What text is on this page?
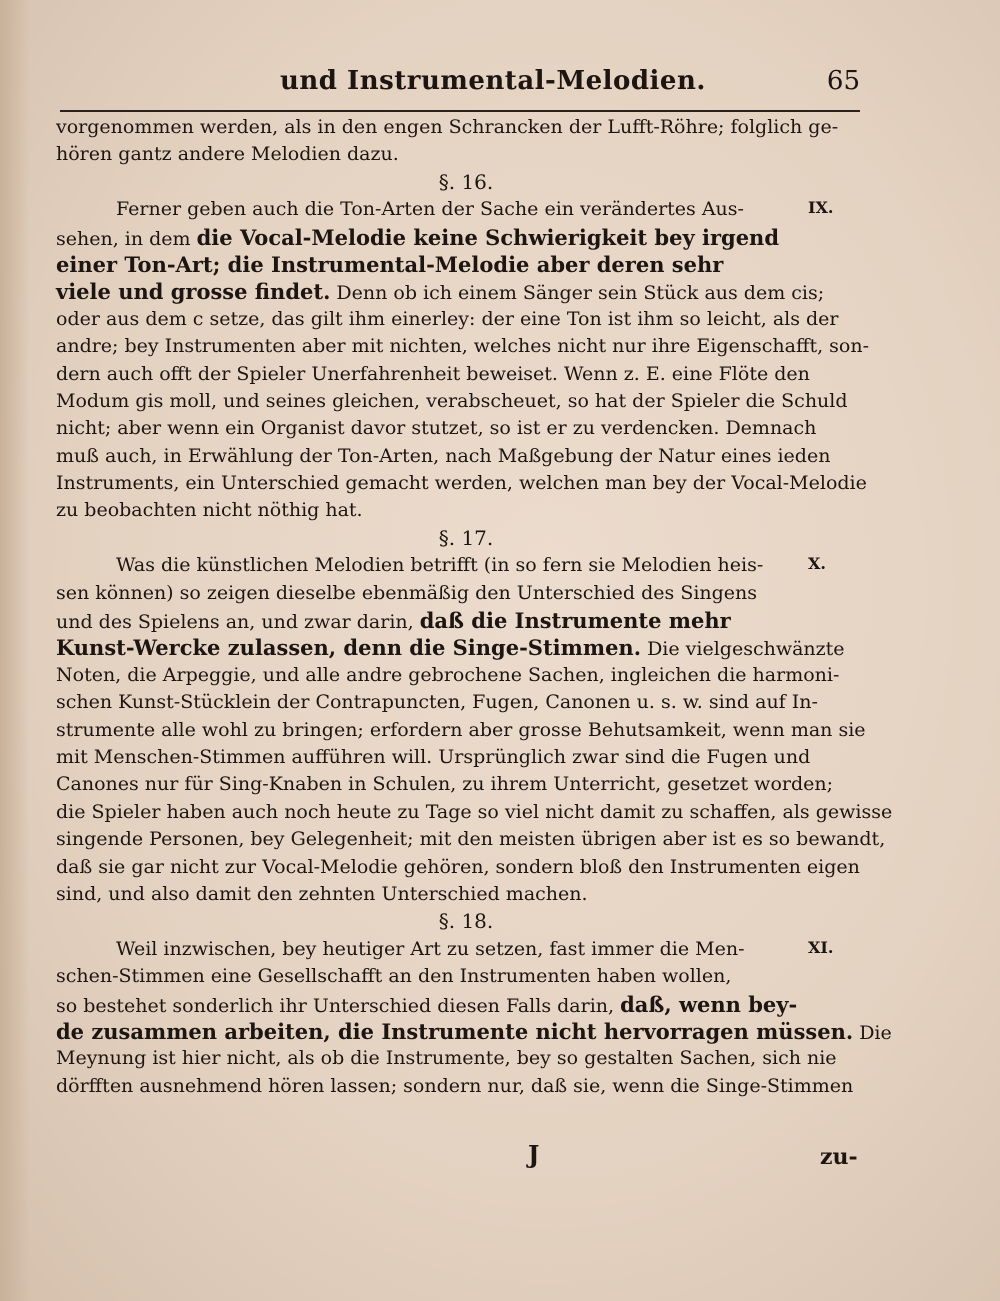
und Instrumental-Melodien.	65
vorgenommen werden, als in den engen Schrancken der Lufft-Röhre; folglich ge-
hören gantz andere Melodien dazu.
§. 16.
Ferner geben auch die Ton-Arten der Sache ein verändertes Aus-
sehen, in dem die Vocal-Melodie keine Schwierigkeit bey irgend
einer Ton-Art; die Instrumental-Melodie aber deren sehr
viele und grosse findet. Denn ob ich einem Sänger sein Stück aus dem cis;
oder aus dem c setze, das gilt ihm einerley: der eine Ton ist ihm so leicht, als der
andre; bey Instrumenten aber mit nichten, welches nicht nur ihre Eigenschafft, son-
dern auch offt der Spieler Unerfahrenheit beweiset. Wenn z. E. eine Flöte den
Modum gis moll, und seines gleichen, verabscheuet, so hat der Spieler die Schuld
nicht; aber wenn ein Organist davor stutzet, so ist er zu verdencken. Demnach
muß auch, in Erwählung der Ton-Arten, nach Maßgebung der Natur eines ieden
Instruments, ein Unterschied gemacht werden, welchen man bey der Vocal-Melodie
zu beobachten nicht nöthig hat.
§. 17.
Was die künstlichen Melodien betrifft (in so fern sie Melodien heis-
sen können) so zeigen dieselbe ebenmäßig den Unterschied des Singens
und des Spielens an, und zwar darin, daß die Instrumente mehr
Kunst-Wercke zulassen, denn die Singe-Stimmen. Die vielgeschwänzte
Noten, die Arpeggie, und alle andre gebrochene Sachen, ingleichen die harmoni-
schen Kunst-Stücklein der Contrapuncten, Fugen, Canonen u. s. w. sind auf In-
strumente alle wohl zu bringen; erfordern aber grosse Behutsamkeit, wenn man sie
mit Menschen-Stimmen aufführen will. Ursprünglich zwar sind die Fugen und
Canones nur für Sing-Knaben in Schulen, zu ihrem Unterricht, gesetzet worden;
die Spieler haben auch noch heute zu Tage so viel nicht damit zu schaffen, als gewisse
singende Personen, bey Gelegenheit; mit den meisten übrigen aber ist es so bewandt,
daß sie gar nicht zur Vocal-Melodie gehören, sondern bloß den Instrumenten eigen
sind, und also damit den zehnten Unterschied machen.
§. 18.
Weil inzwischen, bey heutiger Art zu setzen, fast immer die Men-
schen-Stimmen eine Gesellschafft an den Instrumenten haben wollen,
so bestehet sonderlich ihr Unterschied diesen Falls darin, daß, wenn bey-
de zusammen arbeiten, die Instrumente nicht hervorragen müssen. Die
Meynung ist hier nicht, als ob die Instrumente, bey so gestalten Sachen, sich nie
dörfften ausnehmend hören lassen; sondern nur, daß sie, wenn die Singe-Stimmen
IX.
X.
XI.
J	zu-
